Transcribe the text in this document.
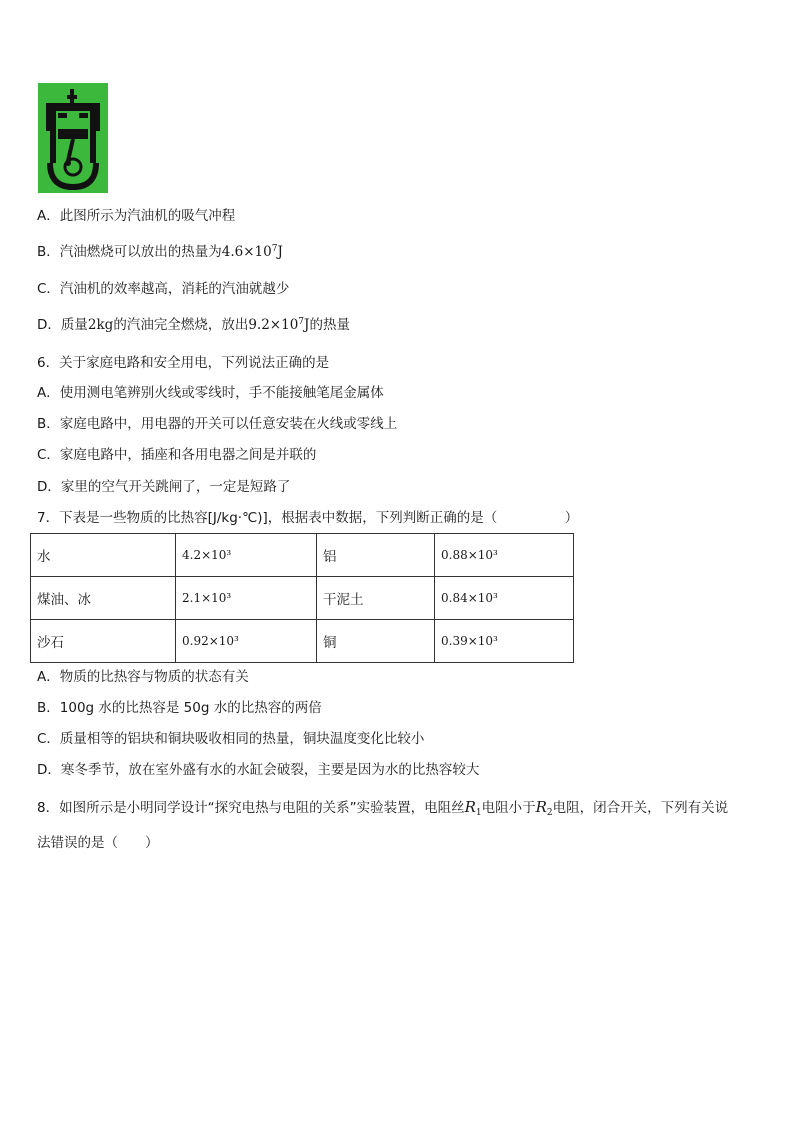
A．此图所示为汽油机的吸气冲程
B．汽油燃烧可以放出的热量为$4.6\times 10^7J$
C．汽油机的效率越高，消耗的汽油就越少
D．质量2kg的汽油完全燃烧，放出$9.2\times 10^7J$的热量
6．关于家庭电路和安全用电，下列说法正确的是
A．使用测电笔辨别火线或零线时，手不能接触笔尾金属体
B．家庭电路中，用电器的开关可以任意安装在火线或零线上
C．家庭电路中，插座和各用电器之间是并联的
D．家里的空气开关跳闸了，一定是短路了
7．下表是一些物质的比热容[J/kg·℃)]，根据表中数据，下列判断正确的是（　　　　　）
水	4.2×10³	铝	0.88×10³
煤油、冰	2.1×10³	干泥土	0.84×10³
沙石	0.92×10³	铜	0.39×10³
A．物质的比热容与物质的状态有关
B．100g 水的比热容是 50g 水的比热容的两倍
C．质量相等的铝块和铜块吸收相同的热量，铜块温度变化比较小
D．寒冬季节，放在室外盛有水的水缸会破裂，主要是因为水的比热容较大
8．如图所示是小明同学设计“探究电热与电阻的关系”实验装置，电阻丝$R_1$电阻小于$R_2$电阻，闭合开关，下列有关说
法错误的是（　　）
